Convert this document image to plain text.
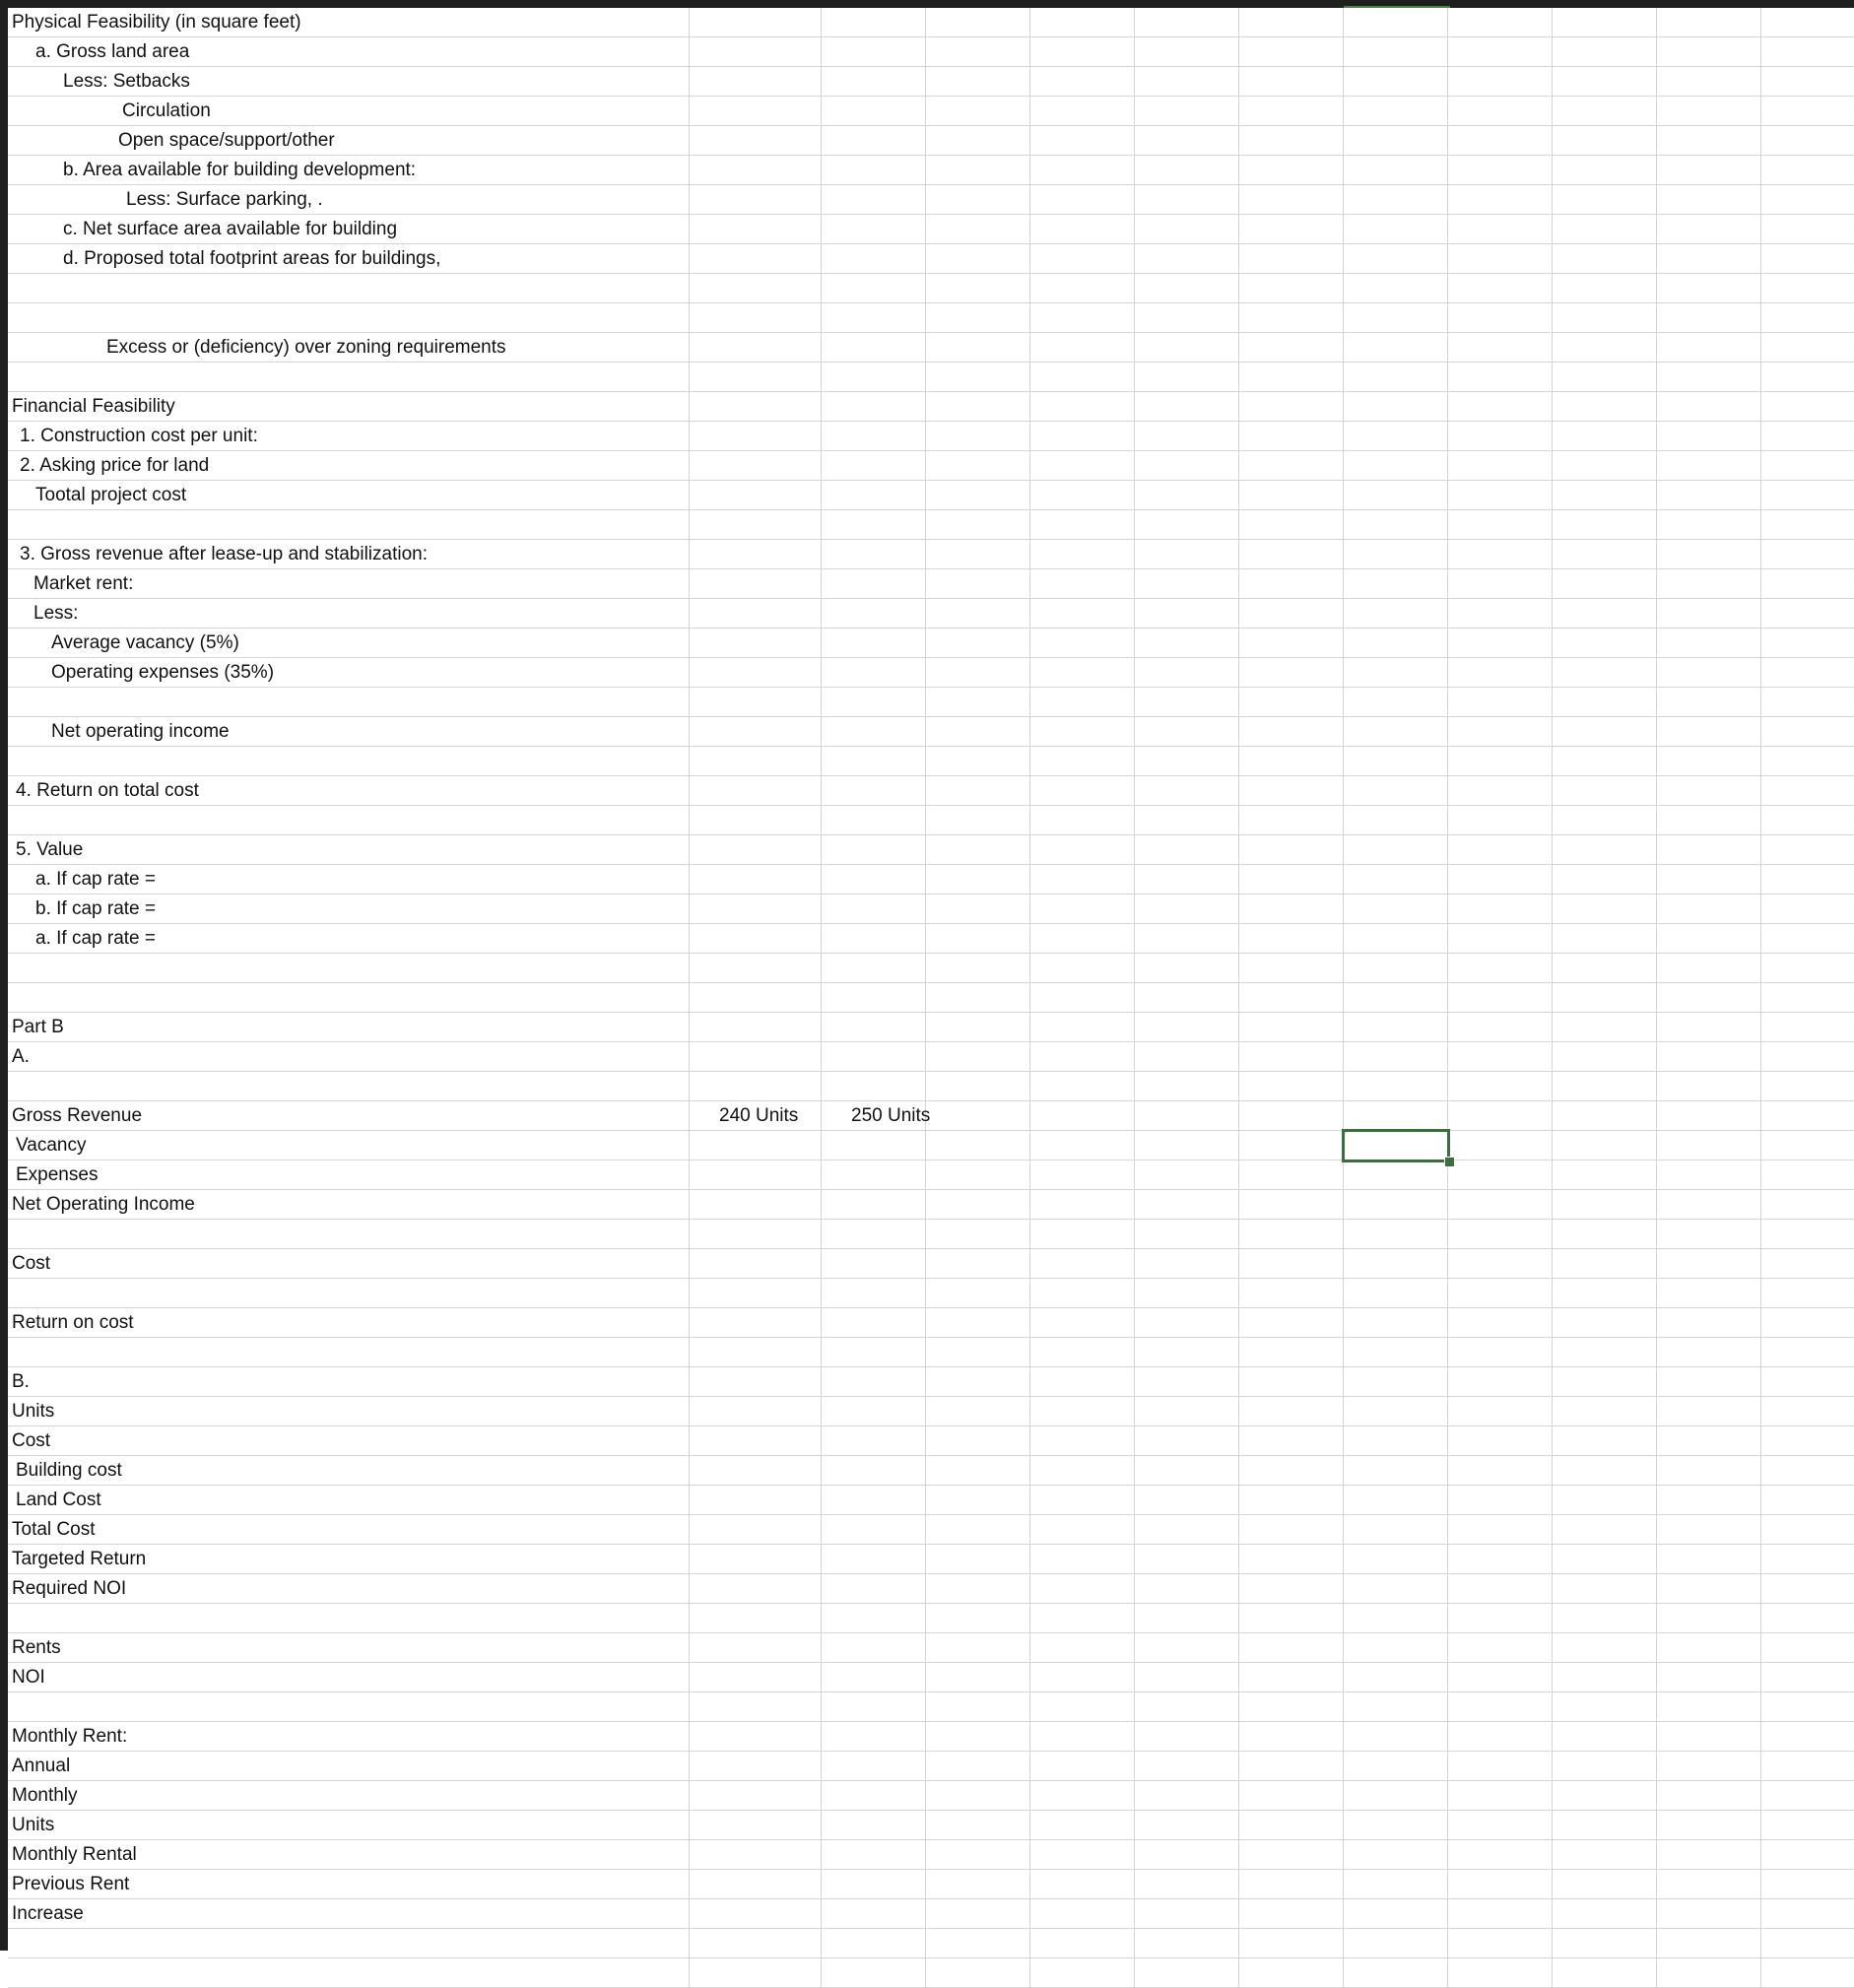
Physical Feasibility (in square feet)
a. Gross land area
Less: Setbacks
Circulation
Open space/support/other
b. Area available for building development:
Less: Surface parking, .
c. Net surface area available for building
d. Proposed total footprint areas for buildings,
Excess or (deficiency) over zoning requirements
Financial Feasibility
1. Construction cost per unit:
2. Asking price for land
Tootal project cost
3. Gross revenue after lease-up and stabilization:
Market rent:
Less:
Average vacancy (5%)
Operating expenses (35%)
Net operating income
4. Return on total cost
5. Value
a. If cap rate =
b. If cap rate =
a. If cap rate =
Part B
A.
Gross Revenue	240 Units	250 Units
Vacancy
Expenses
Net Operating Income
Cost
Return on cost
B.
Units
Cost
Building cost
Land Cost
Total Cost
Targeted Return
Required NOI
Rents
NOI
Monthly Rent:
Annual
Monthly
Units
Monthly Rental
Previous Rent
Increase
